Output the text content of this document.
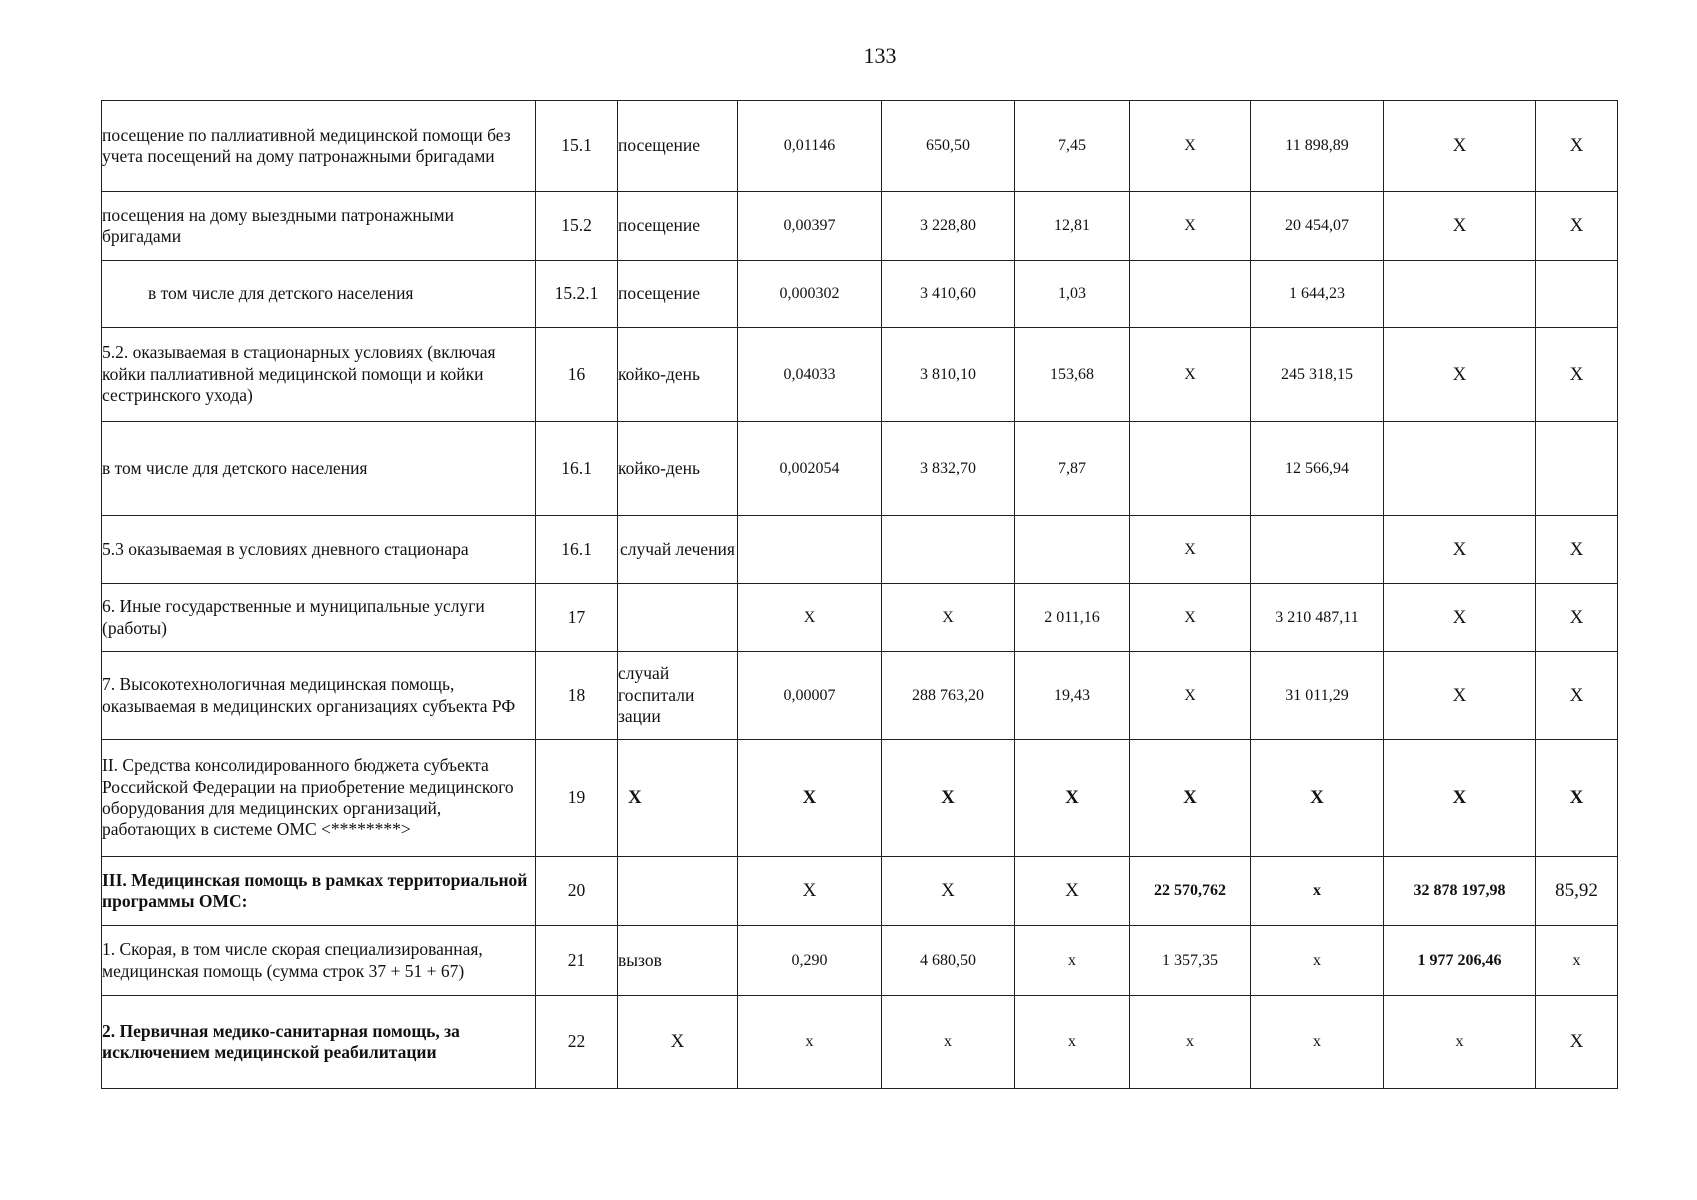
133
посещение по паллиативной медицинской помощи без учета посещений на дому патронажными бригадами	15.1	посещение	0,01146	650,50	7,45	Х	11 898,89	Х	Х
посещения на дому выездными патронажными бригадами	15.2	посещение	0,00397	3 228,80	12,81	Х	20 454,07	Х	Х
в том числе для детского населения	15.2.1	посещение	0,000302	3 410,60	1,03		1 644,23		
5.2. оказываемая в стационарных условиях (включая койки паллиативной медицинской помощи и койки сестринского ухода)	16	койко-день	0,04033	3 810,10	153,68	Х	245 318,15	Х	Х
в том числе для детского населения	16.1	койко-день	0,002054	3 832,70	7,87		12 566,94		
5.3 оказываемая в условиях дневного стационара	16.1	случай лечения				Х		Х	Х
6. Иные государственные и муниципальные услуги (работы)	17		Х	Х	2 011,16	Х	3 210 487,11	Х	Х
7. Высокотехнологичная медицинская помощь, оказываемая в медицинских организациях субъекта РФ	18	случай госпитали зации	0,00007	288 763,20	19,43	Х	31 011,29	Х	Х
II. Средства консолидированного бюджета субъекта Российской Федерации на приобретение медицинского оборудования для медицинских организаций, работающих в системе ОМС <********>	19	Х	Х	Х	Х	Х	Х	Х	Х
III. Медицинская помощь в рамках территориальной программы ОМС:	20		Х	Х	Х	22 570,762	х	32 878 197,98	85,92
1. Скорая, в том числе скорая специализированная, медицинская помощь (сумма строк 37 + 51 + 67)	21	вызов	0,290	4 680,50	х	1 357,35	х	1 977 206,46	х
2. Первичная медико-санитарная помощь, за исключением медицинской реабилитации	22	Х	х	х	х	х	х	х	Х
